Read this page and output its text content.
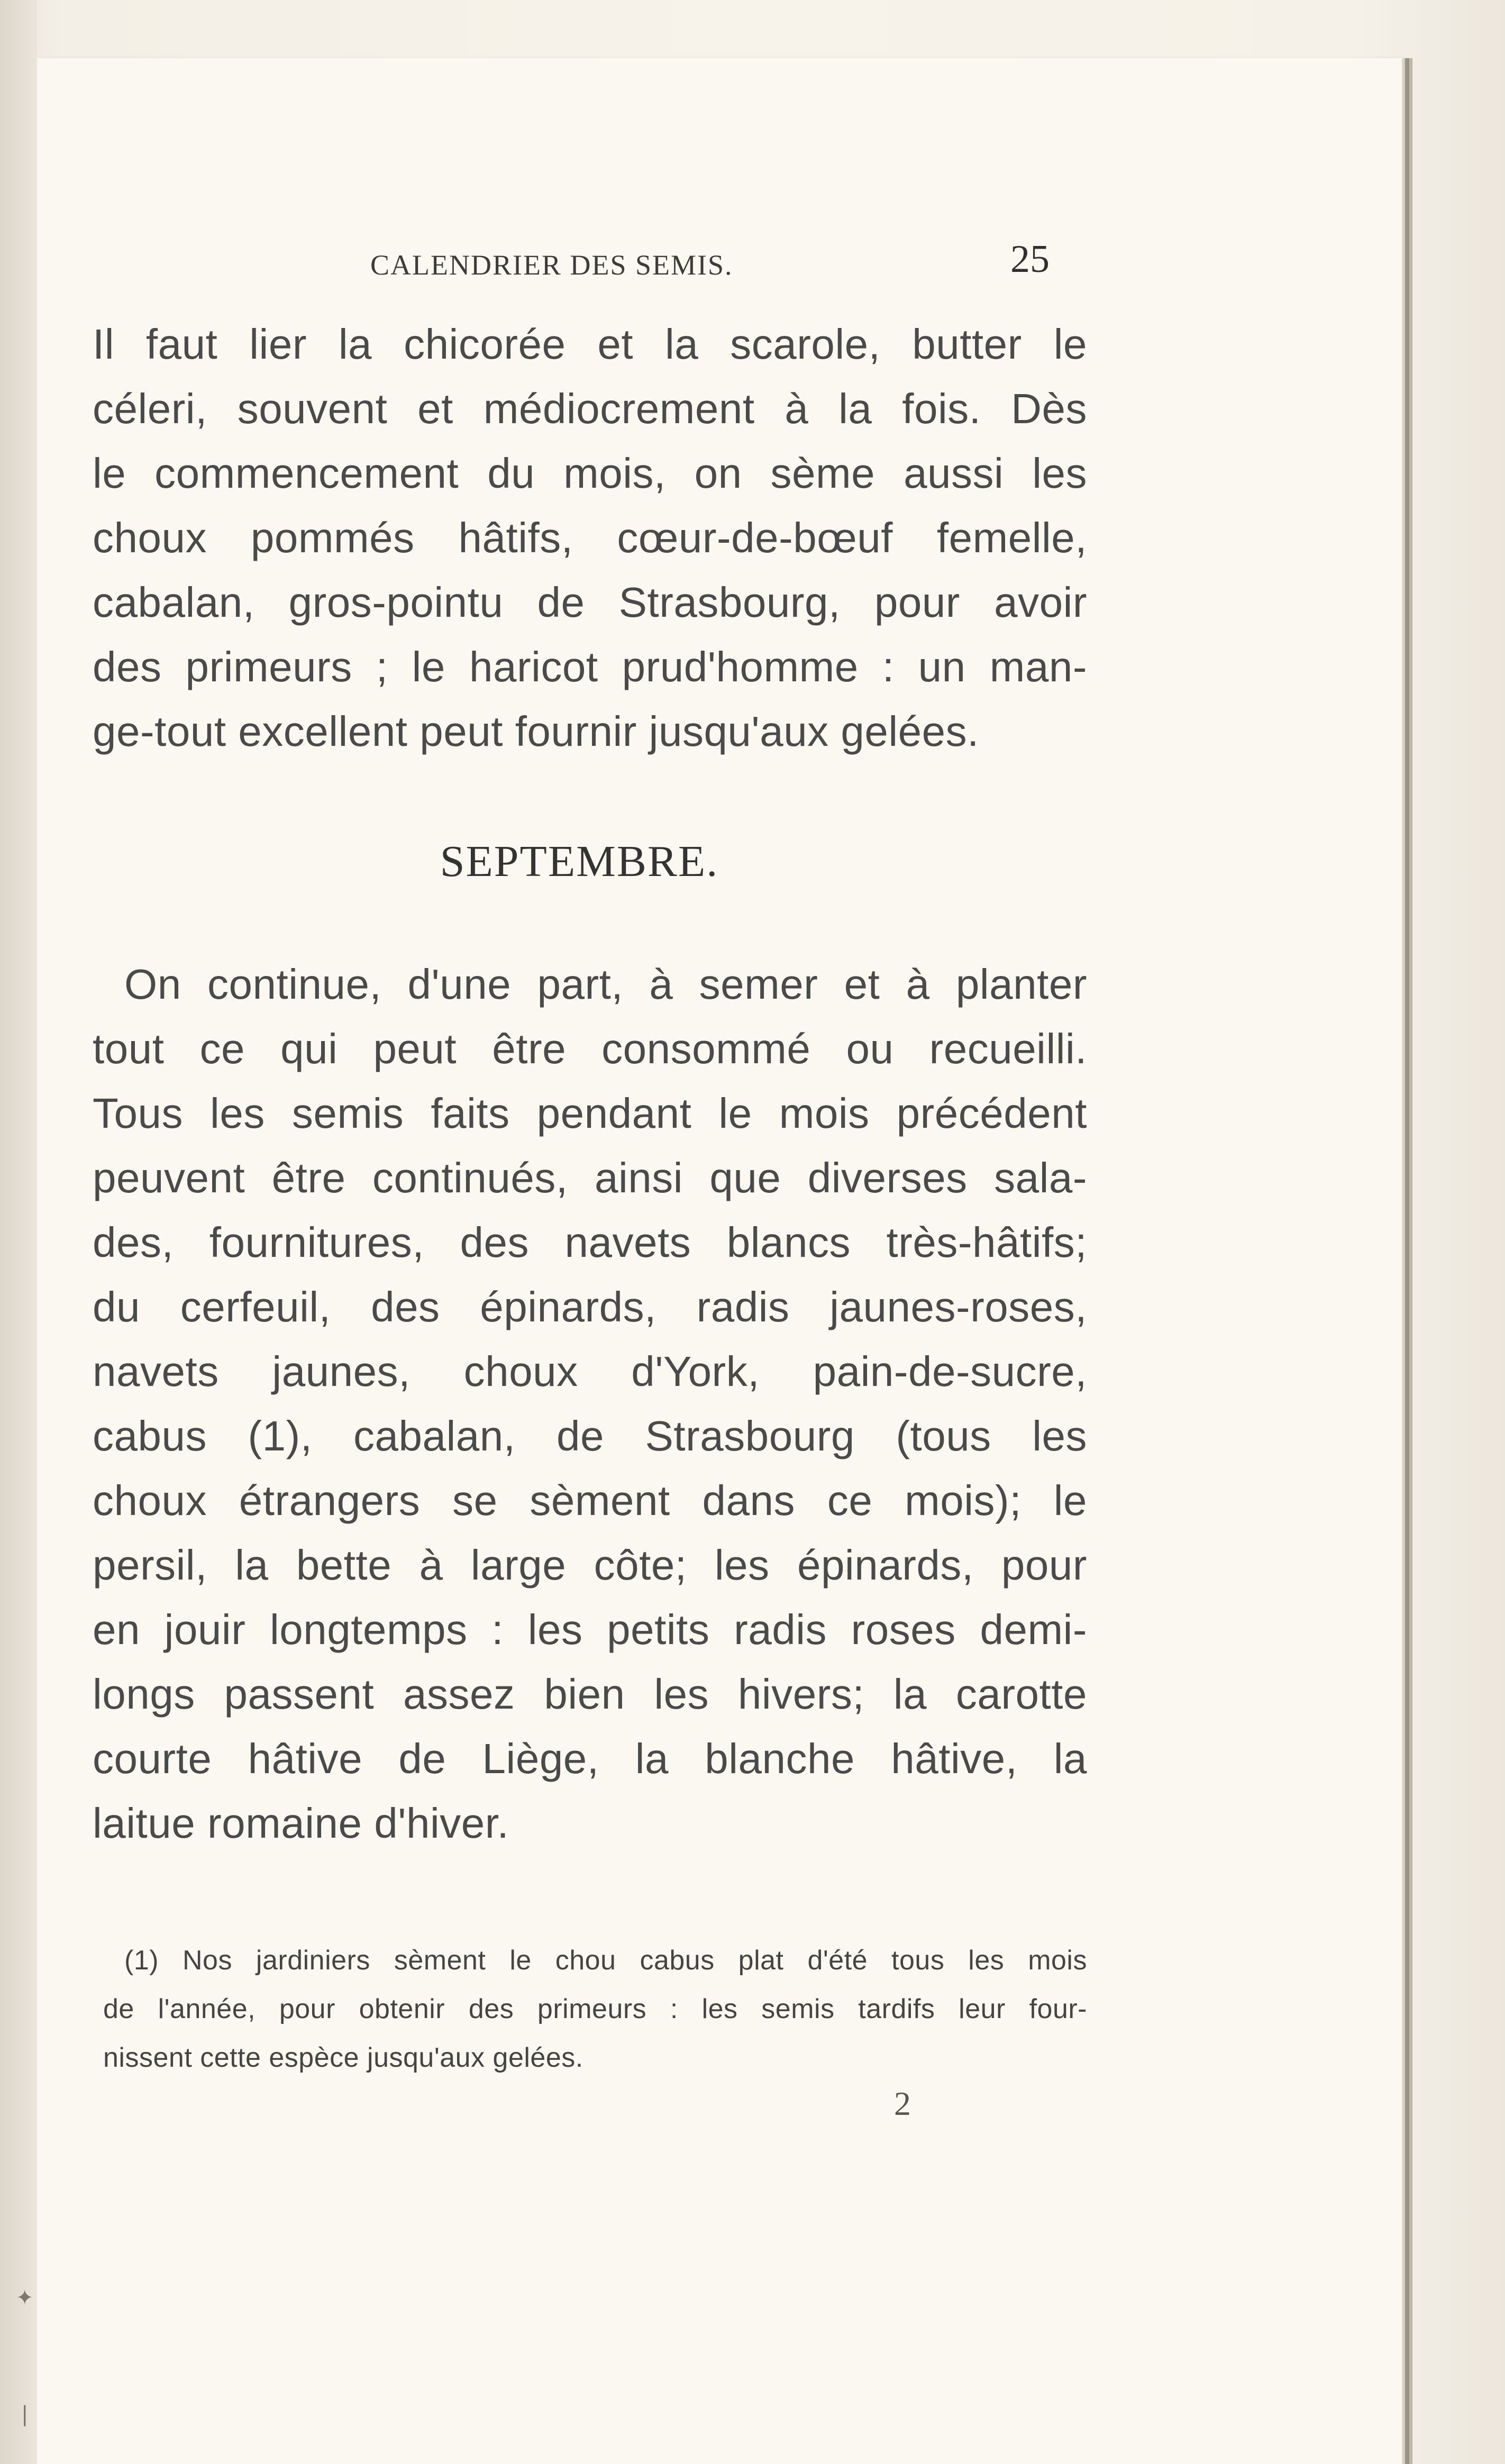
CALENDRIER DES SEMIS.	25
Il faut lier la chicorée et la scarole, butter le
céleri, souvent et médiocrement à la fois. Dès
le commencement du mois, on sème aussi les
choux pommés hâtifs, cœur-de-bœuf femelle,
cabalan, gros-pointu de Strasbourg, pour avoir
des primeurs ; le haricot prud'homme : un man-
ge-tout excellent peut fournir jusqu'aux gelées.
SEPTEMBRE.
On continue, d'une part, à semer et à planter
tout ce qui peut être consommé ou recueilli.
Tous les semis faits pendant le mois précédent
peuvent être continués, ainsi que diverses sala-
des, fournitures, des navets blancs très-hâtifs;
du cerfeuil, des épinards, radis jaunes-roses,
navets jaunes, choux d'York, pain-de-sucre,
cabus (1), cabalan, de Strasbourg (tous les
choux étrangers se sèment dans ce mois); le
persil, la bette à large côte; les épinards, pour
en jouir longtemps : les petits radis roses demi-
longs passent assez bien les hivers; la carotte
courte hâtive de Liège, la blanche hâtive, la
laitue romaine d'hiver.
(1) Nos jardiniers sèment le chou cabus plat d'été tous les mois
de l'année, pour obtenir des primeurs : les semis tardifs leur four-
nissent cette espèce jusqu'aux gelées.
2
✦
❘
